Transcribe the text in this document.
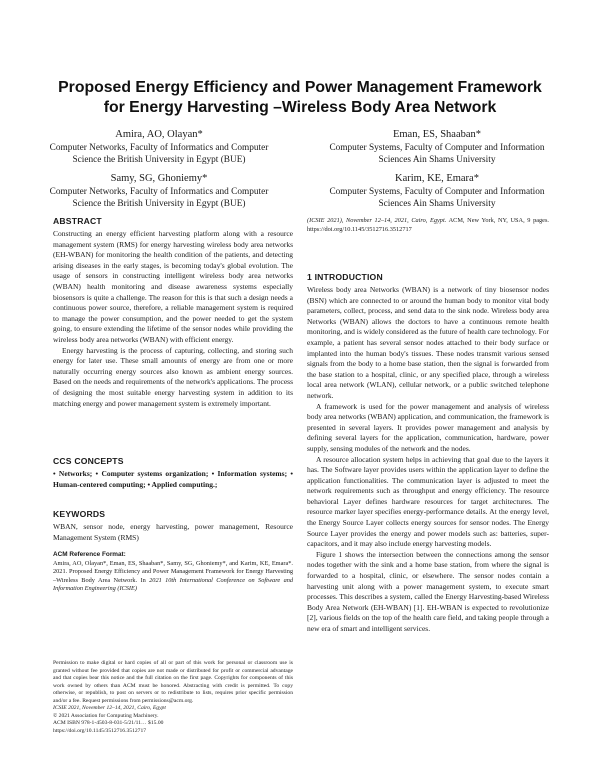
Proposed Energy Efficiency and Power Management Framework
for Energy Harvesting –Wireless Body Area Network
Amira, AO, Olayan*
Computer Networks, Faculty of Informatics and Computer
Science the British University in Egypt (BUE)
Eman, ES, Shaaban*
Computer Systems, Faculty of Computer and Information
Sciences Ain Shams University
Samy, SG, Ghoniemy*
Computer Networks, Faculty of Informatics and Computer
Science the British University in Egypt (BUE)
Karim, KE, Emara*
Computer Systems, Faculty of Computer and Information
Sciences Ain Shams University
ABSTRACT

Constructing an energy efficient harvesting platform along with a resource management system (RMS) for energy harvesting wireless body area networks (EH-WBAN) for monitoring the health condition of the patients, and detecting arising diseases in the early stages, is becoming today's global evolution. The usage of sensors in constructing intelligent wireless body area networks (WBAN) health monitoring and disease awareness systems especially biosensors is quite a challenge. The reason for this is that such a design needs a continuous power source, therefore, a reliable management system is required to manage the power consumption, and the power needed to get the system going, to ensure extending the lifetime of the sensor nodes while providing the wireless body area networks (WBAN) with efficient energy.

Energy harvesting is the process of capturing, collecting, and storing such energy for later use. These small amounts of energy are from one or more naturally occurring energy sources also known as ambient energy sources. Based on the needs and requirements of the network's applications. The process of designing the most suitable energy harvesting system in addition to its matching energy and power management system is extremely important.

CCS CONCEPTS
• Networks; • Computer systems organization; • Information systems; • Human-centered computing; • Applied computing.;
KEYWORDS
WBAN, sensor node, energy harvesting, power management, Resource Management System (RMS)
ACM Reference Format:
Amira, AO, Olayan*, Eman, ES, Shaaban*, Samy, SG, Ghoniemy*, and Karim, KE, Emara*. 2021. Proposed Energy Efficiency and Power Management Framework for Energy Harvesting –Wireless Body Area Network. In 2021 10th International Conference on Software and Information Engineering (ICSIE)

Permission to make digital or hard copies of all or part of this work for personal or classroom use is granted without fee provided that copies are not made or distributed for profit or commercial advantage and that copies bear this notice and the full citation on the first page. Copyrights for components of this work owned by others than ACM must be honored. Abstracting with credit is permitted. To copy otherwise, or republish, to post on servers or to redistribute to lists, requires prior specific permission and/or a fee. Request permissions from permissions@acm.org.

ICSIE 2021, November 12–14, 2021, Cairo, Egypt

© 2021 Association for Computing Machinery.

ACM ISBN 978-1-4503-8-031-5/21/11… $15.00

https://doi.org/10.1145/3512716.3512717

(ICSIE 2021), November 12–14, 2021, Cairo, Egypt. ACM, New York, NY, USA, 9 pages. https://doi.org/10.1145/3512716.3512717
1 INTRODUCTION

Wireless body area Networks (WBAN) is a network of tiny biosensor nodes (BSN) which are connected to or around the human body to monitor vital body parameters, collect, process, and send data to the sink node. Wireless body area Networks (WBAN) allows the doctors to have a continuous remote health monitoring, and is widely considered as the future of health care technology. For example, a patient has several sensor nodes attached to their body surface or implanted into the human body's tissues. These nodes transmit various sensed signals from the body to a home base station, then the signal is forwarded from the base station to a hospital, clinic, or any specified place, through a wireless local area network (WLAN), cellular network, or a public switched telephone network.

A framework is used for the power management and analysis of wireless body area networks (WBAN) application, and communication, the framework is presented in several layers. It provides power management and analysis by defining several layers for the application, communication, hardware, power supply, sensing modules of the network and the nodes.

A resource allocation system helps in achieving that goal due to the layers it has. The Software layer provides users within the application layer to define the application functionalities. The communication layer is adjusted to meet the network requirements such as throughput and energy efficiency. The resource behavioral Layer defines hardware resources for target architectures. The resource marker layer specifies energy-performance details. At the energy level, the Energy Source Layer collects energy sources for sensor nodes. The Energy Source Layer provides the energy and power models such as: batteries, super-capacitors, and it may also include energy harvesting models.

Figure 1 shows the intersection between the connections among the sensor nodes together with the sink and a home base station, from where the signal is forwarded to a hospital, clinic, or elsewhere. The sensor nodes contain a harvesting unit along with a power management system, to execute smart processes. This describes a system, called the Energy Harvesting-based Wireless Body Area Network (EH-WBAN) [1]. EH-WBAN is expected to revolutionize [2], various fields on the top of the health care field, and taking people through a new era of smart and intelligent services.
